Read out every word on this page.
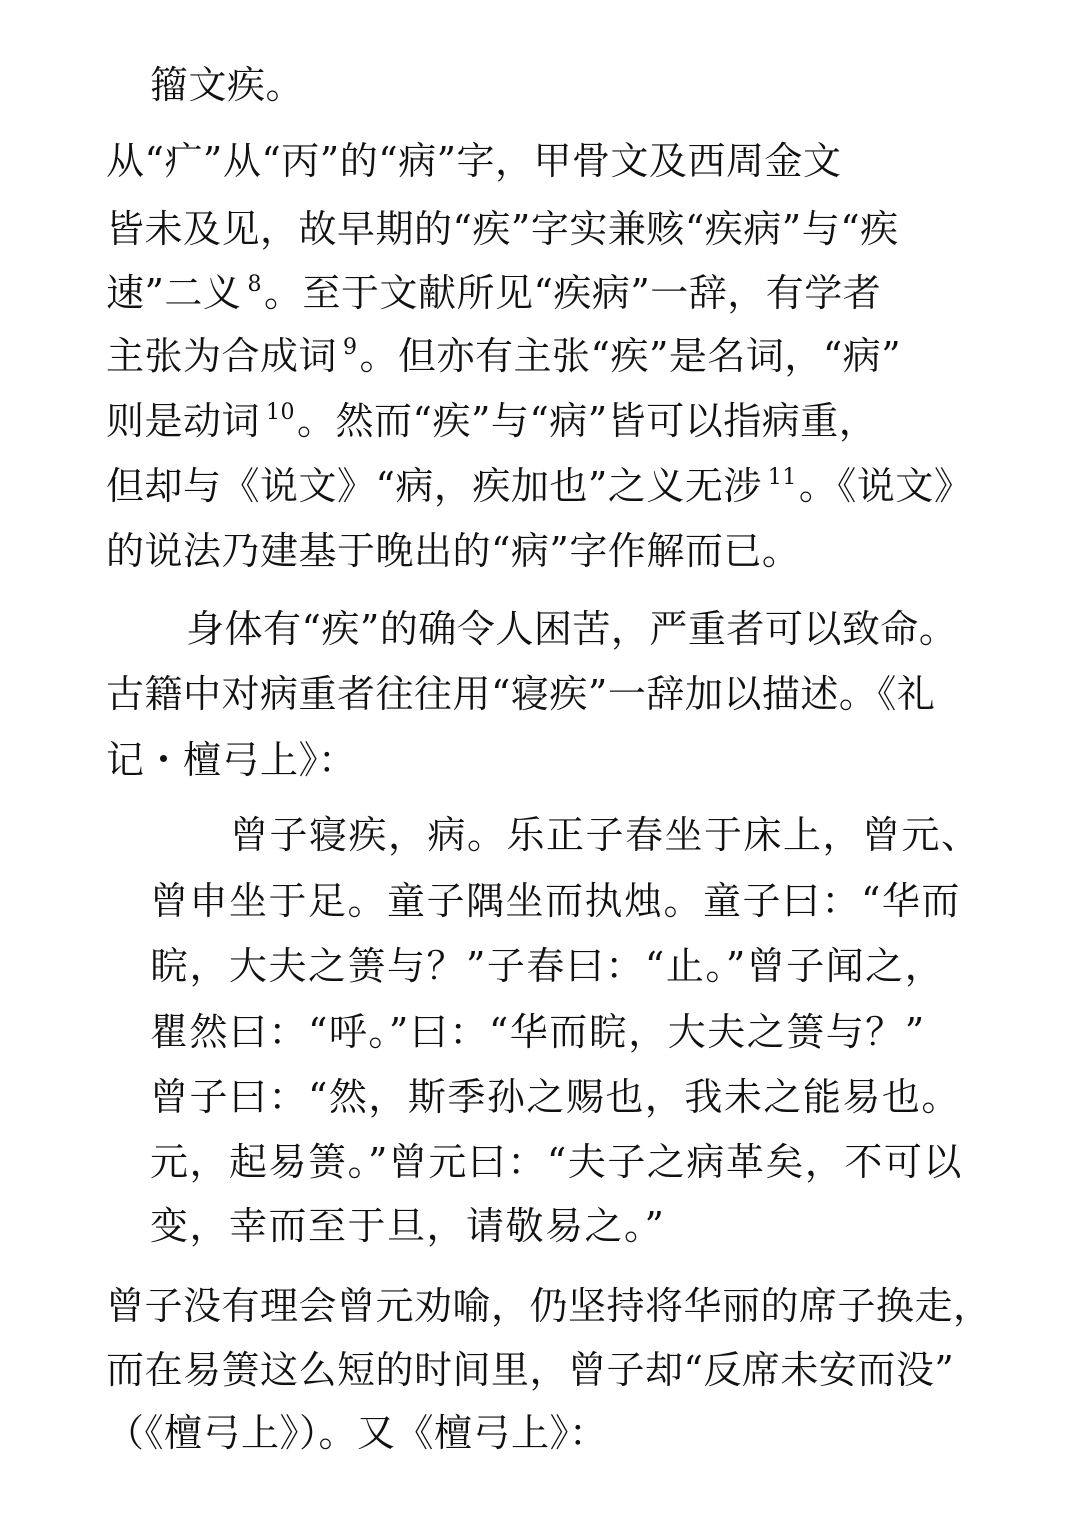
籀文疾。
从“疒”从“丙”的“病”字，甲骨文及西周金文
皆未及见，故早期的“疾”字实兼赅“疾病”与“疾
速”二义 $^8$。至于文献所见“疾病”一辞，有学者
主张为合成词 $^9$。但亦有主张“疾”是名词，“病”
则是动词 $^{10}$。然而“疾”与“病”皆可以指病重，
但却与《说文》“病，疾加也”之义无涉 $^{11}$。《说文》
的说法乃建基于晚出的“病”字作解而已。
身体有“疾”的确令人困苦，严重者可以致命。
古籍中对病重者往往用“寝疾”一辞加以描述。《礼
记・檀弓上》：
曾子寝疾，病。乐正子春坐于床上，曾元、
曾申坐于足。童子隅坐而执烛。童子曰：“华而
睆，大夫之箦与？”子春曰：“止。”曾子闻之，
瞿然曰：“呼。”曰：“华而睆，大夫之箦与？”
曾子曰：“然，斯季孙之赐也，我未之能易也。
元，起易箦。”曾元曰：“夫子之病革矣，不可以
变，幸而至于旦，请敬易之。”
曾子没有理会曾元劝喻，仍坚持将华丽的席子换走，
而在易箦这么短的时间里，曾子却“反席未安而没”
（《檀弓上》）。又《檀弓上》：
